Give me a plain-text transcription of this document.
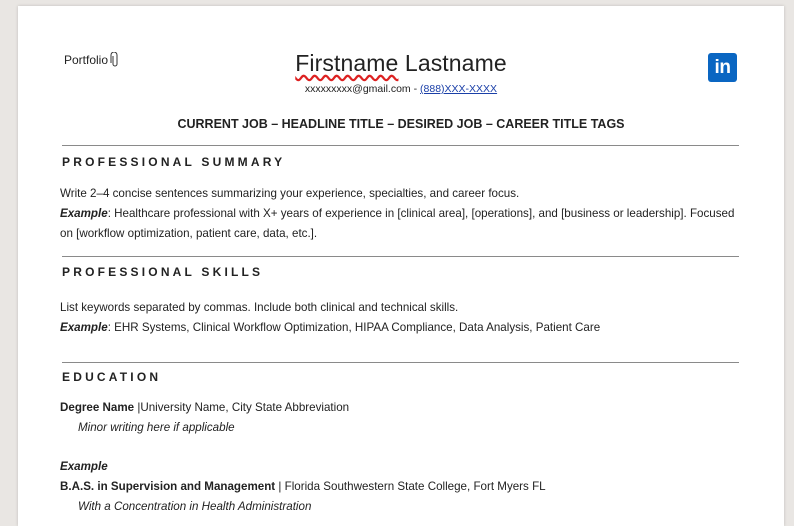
Portfolio	Firstname Lastname
xxxxxxxxx@gmail.com - (888)XXX-XXXX
in
CURRENT JOB – HEADLINE TITLE – DESIRED JOB – CAREER TITLE TAGS
PROFESSIONAL SUMMARY

Write 2–4 concise sentences summarizing your experience, specialties, and career focus.

Example: Healthcare professional with X+ years of experience in [clinical area], [operations], and [business or leadership]. Focused on [workflow optimization, patient care, data, etc.].

PROFESSIONAL SKILLS

List keywords separated by commas. Include both clinical and technical skills.

Example: EHR Systems, Clinical Workflow Optimization, HIPAA Compliance, Data Analysis, Patient Care

EDUCATION

Degree Name |University Name, City State Abbreviation

Minor writing here if applicable

Example

B.A.S. in Supervision and Management | Florida Southwestern State College, Fort Myers FL

With a Concentration in Health Administration
